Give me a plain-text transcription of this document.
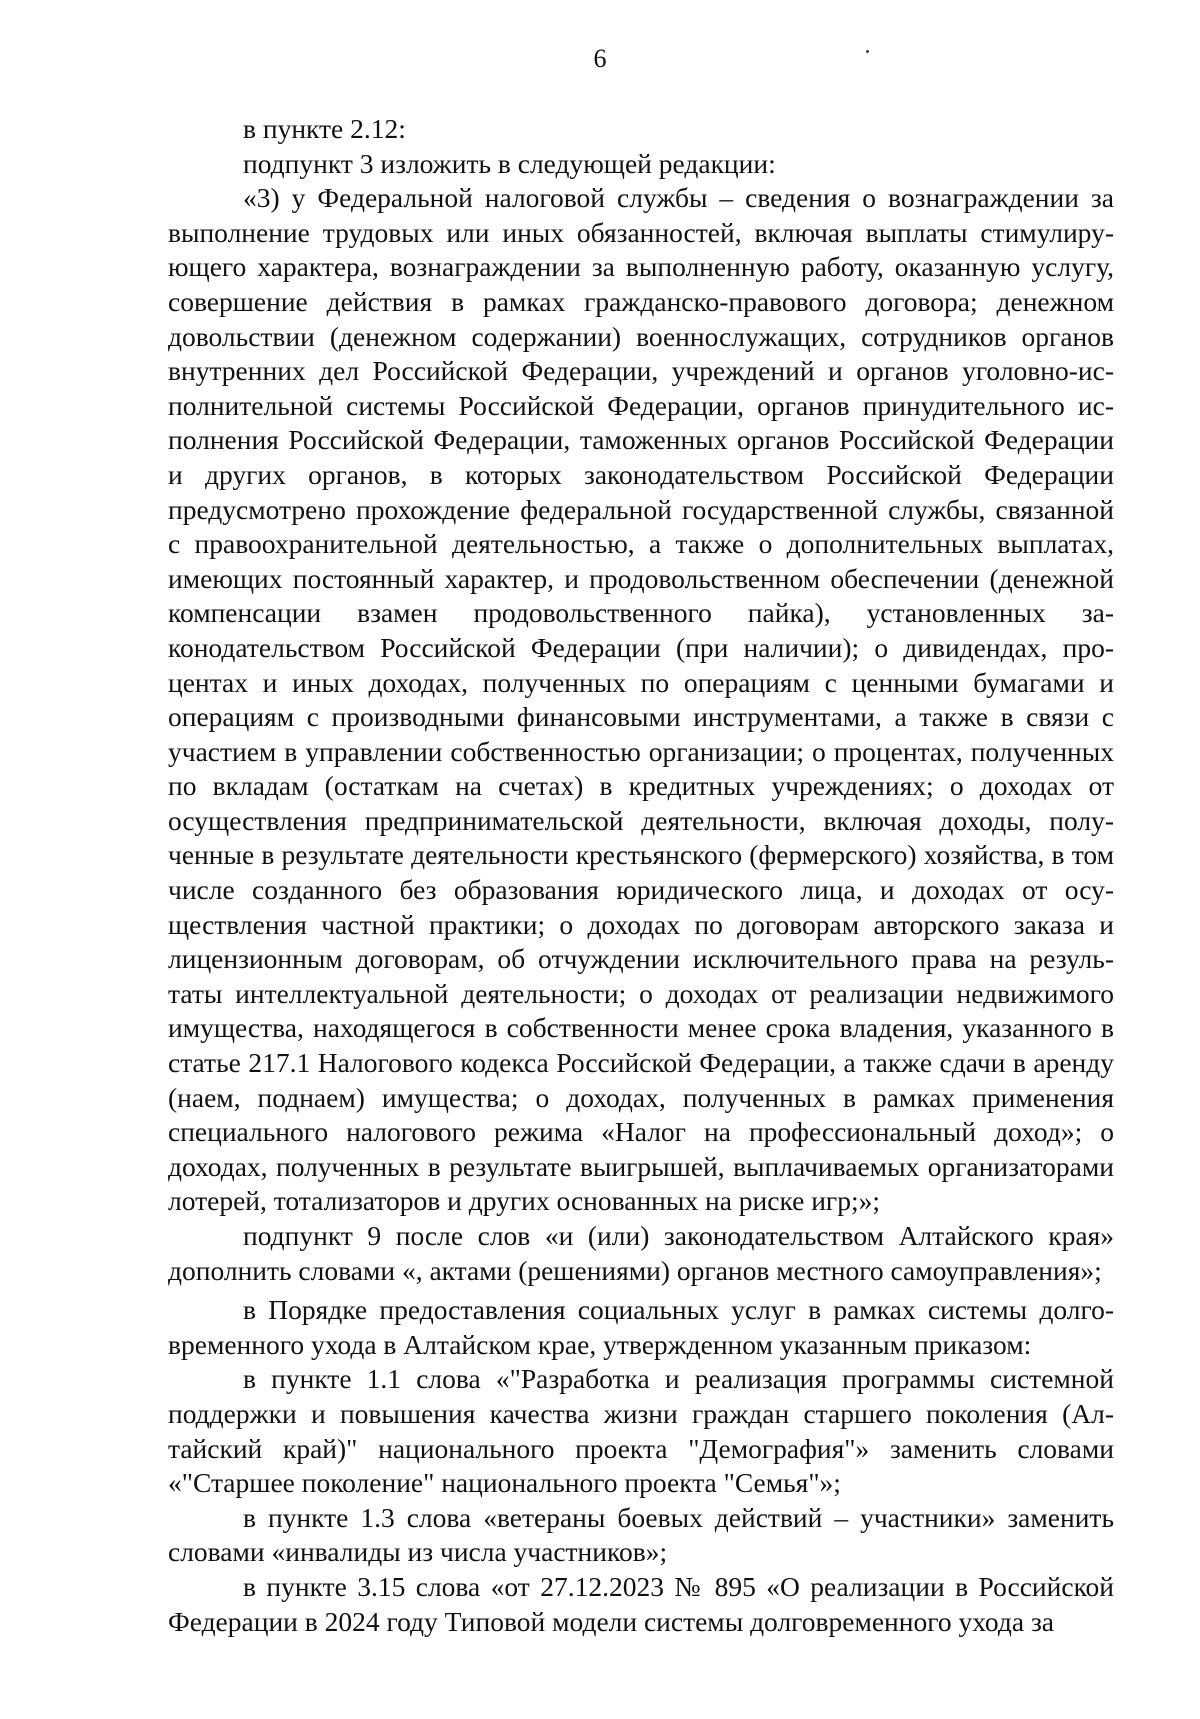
6

в пункте 2.12:

подпункт 3 изложить в следующей редакции:

«3) у Федеральной налоговой службы – сведения о вознаграждении за выполнение трудовых или иных обязанностей, включая выплаты стимулирующего характера, вознаграждении за выполненную работу, оказанную услугу, совершение действия в рамках гражданско-правового договора; денежном довольствии (денежном содержании) военнослужащих, сотрудников органов внутренних дел Российской Федерации, учреждений и органов уголовно-исполнительной системы Российской Федерации, органов принудительного исполнения Российской Федерации, таможенных органов Российской Федерации и других органов, в которых законодательством Российской Федерации предусмотрено прохождение федеральной государственной службы, связанной с правоохранительной деятельностью, а также о дополнительных выплатах, имеющих постоянный характер, и продовольственном обеспечении (денежной компенсации взамен продовольственного пайка), установленных законодательством Российской Федерации (при наличии); о дивидендах, процентах и иных доходах, полученных по операциям с ценными бумагами и операциям с производными финансовыми инструментами, а также в связи с участием в управлении собственностью организации; о процентах, полученных по вкладам (остаткам на счетах) в кредитных учреждениях; о доходах от осуществления предпринимательской деятельности, включая доходы, полученные в результате деятельности крестьянского (фермерского) хозяйства, в том числе созданного без образования юридического лица, и доходах от осуществления частной практики; о доходах по договорам авторского заказа и лицензионным договорам, об отчуждении исключительного права на результаты интеллектуальной деятельности; о доходах от реализации недвижимого имущества, находящегося в собственности менее срока владения, указанного в статье 217.1 Налогового кодекса Российской Федерации, а также сдачи в аренду (наем, поднаем) имущества; о доходах, полученных в рамках применения специального налогового режима «Налог на профессиональный доход»; о доходах, полученных в результате выигрышей, выплачиваемых организаторами лотерей, тотализаторов и других основанных на риске игр;»;

подпункт 9 после слов «и (или) законодательством Алтайского края» дополнить словами «, актами (решениями) органов местного самоуправления»;

в Порядке предоставления социальных услуг в рамках системы долговременного ухода в Алтайском крае, утвержденном указанным приказом:

в пункте 1.1 слова «"Разработка и реализация программы системной поддержки и повышения качества жизни граждан старшего поколения (Алтайский край)" национального проекта "Демография"» заменить словами «"Старшее поколение" национального проекта "Семья"»;

в пункте 1.3 слова «ветераны боевых действий – участники» заменить словами «инвалиды из числа участников»;

в пункте 3.15 слова «от 27.12.2023 № 895 «О реализации в Российской Федерации в 2024 году Типовой модели системы долговременного ухода за
